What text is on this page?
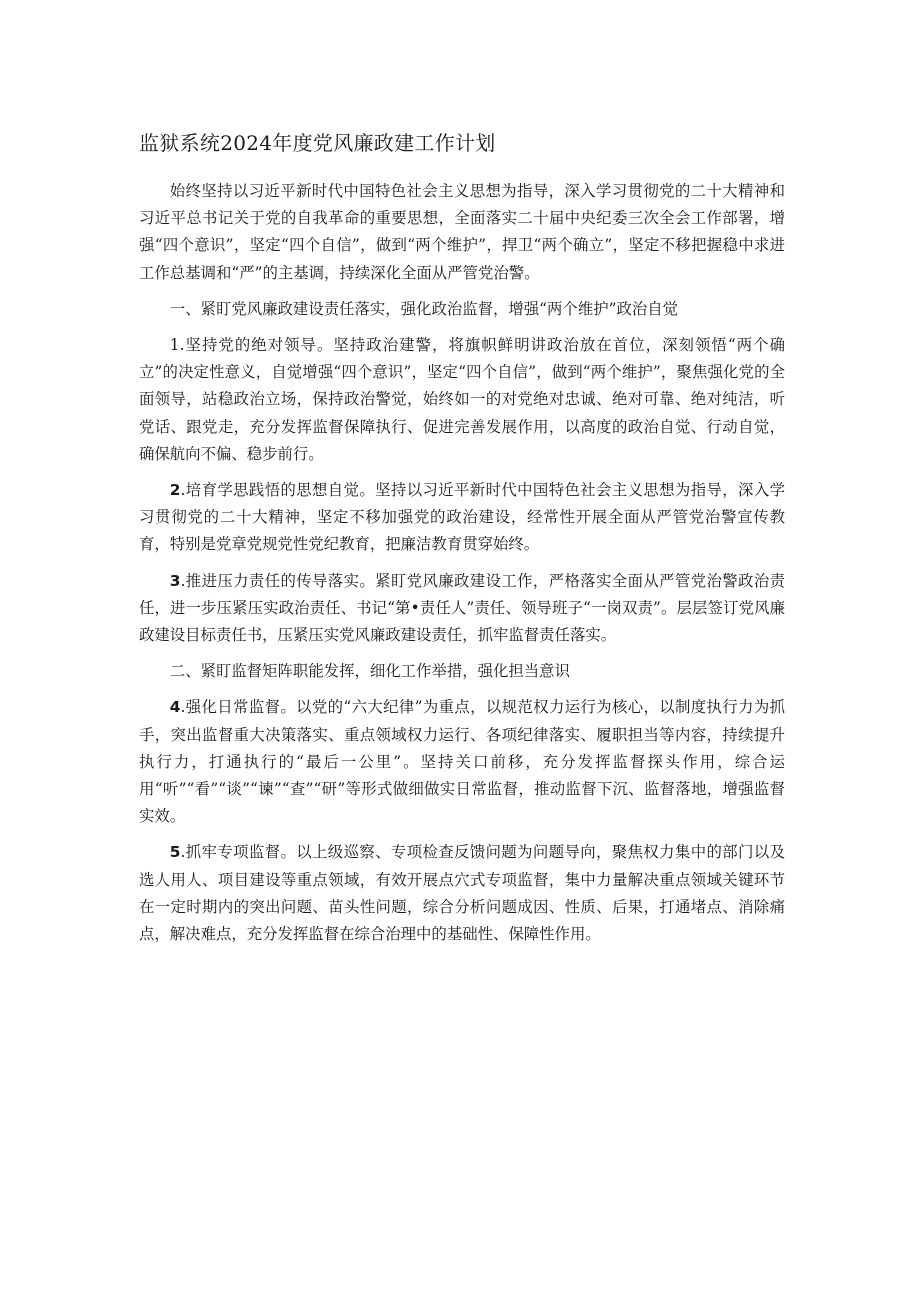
监狱系统2024年度党风廉政建工作计划

始终坚持以习近平新时代中国特色社会主义思想为指导，深入学习贯彻党的二十大精神和习近平总书记关于党的自我革命的重要思想，全面落实二十届中央纪委三次全会工作部署，增强“四个意识”，坚定“四个自信”，做到“两个维护”，捍卫“两个确立”，坚定不移把握稳中求进工作总基调和“严”的主基调，持续深化全面从严管党治警。

一、紧盯党风廉政建设责任落实，强化政治监督，增强“两个维护”政治自觉

1.坚持党的绝对领导。坚持政治建警，将旗帜鲜明讲政治放在首位，深刻领悟“两个确立”的决定性意义，自觉增强“四个意识”，坚定“四个自信”，做到“两个维护”，聚焦强化党的全面领导，站稳政治立场，保持政治警觉，始终如一的对党绝对忠诚、绝对可靠、绝对纯洁，听党话、跟党走，充分发挥监督保障执行、促进完善发展作用，以高度的政治自觉、行动自觉，确保航向不偏、稳步前行。

2.培育学思践悟的思想自觉。坚持以习近平新时代中国特色社会主义思想为指导，深入学习贯彻党的二十大精神，坚定不移加强党的政治建设，经常性开展全面从严管党治警宣传教育，特别是党章党规党性党纪教育，把廉洁教育贯穿始终。

3.推进压力责任的传导落实。紧盯党风廉政建设工作，严格落实全面从严管党治警政治责任，进一步压紧压实政治责任、书记“第•责任人”责任、领导班子“一岗双责”。层层签订党风廉政建设目标责任书，压紧压实党风廉政建设责任，抓牢监督责任落实。

二、紧盯监督矩阵职能发挥，细化工作举措，强化担当意识

4.强化日常监督。以党的“六大纪律”为重点，以规范权力运行为核心，以制度执行力为抓手，突出监督重大决策落实、重点领域权力运行、各项纪律落实、履职担当等内容，持续提升执行力，打通执行的“最后一公里”。坚持关口前移，充分发挥监督探头作用，综合运用“听”“看”“谈”“谏”“查”“研”等形式做细做实日常监督，推动监督下沉、监督落地，增强监督实效。

5.抓牢专项监督。以上级巡察、专项检查反馈问题为问题导向，聚焦权力集中的部门以及选人用人、项目建设等重点领域，有效开展点穴式专项监督，集中力量解决重点领域关键环节在一定时期内的突出问题、苗头性问题，综合分析问题成因、性质、后果，打通堵点、消除痛点，解决难点，充分发挥监督在综合治理中的基础性、保障性作用。
